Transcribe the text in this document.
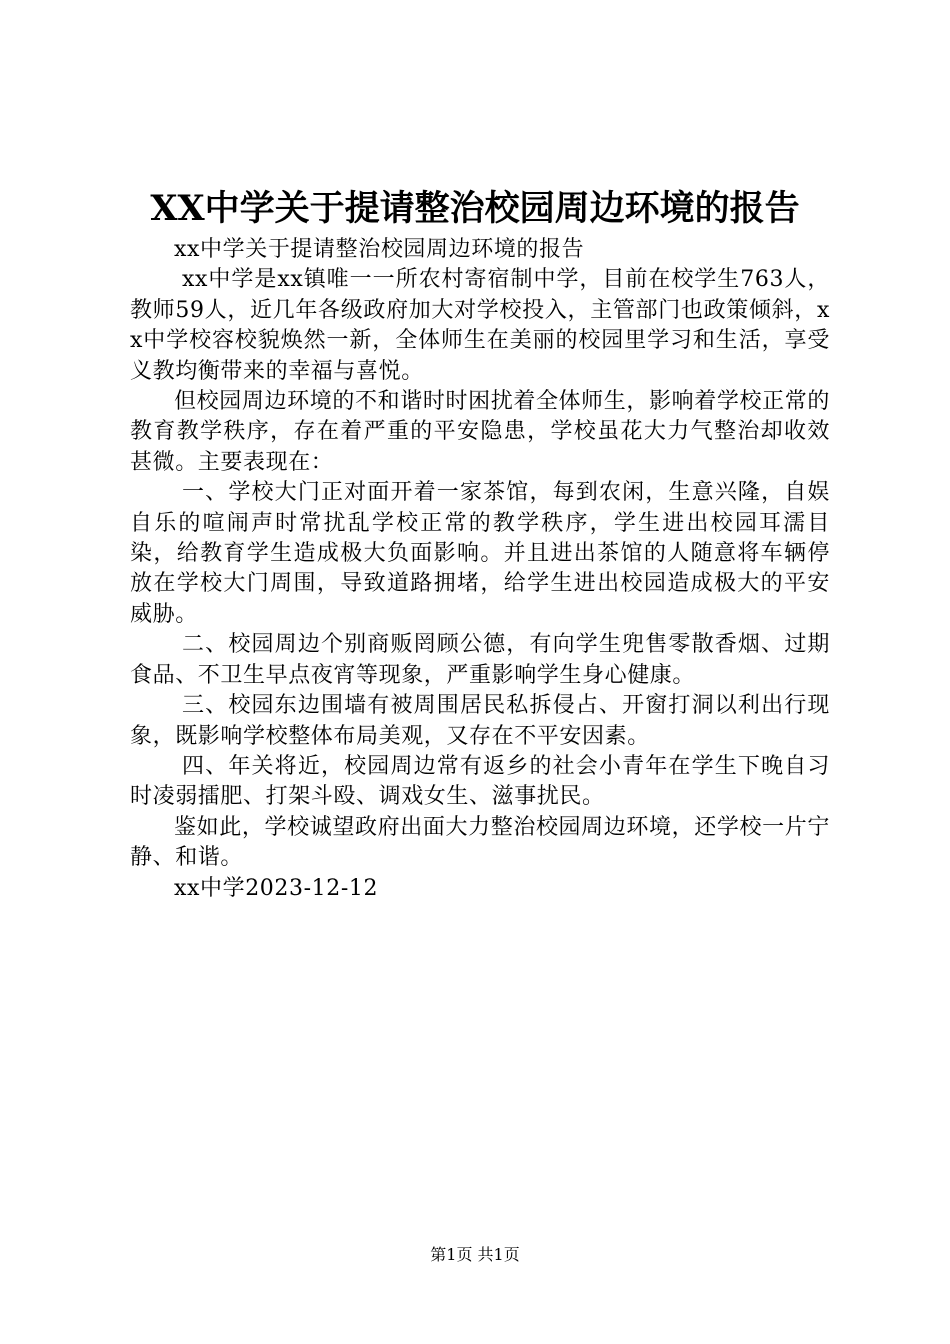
XX中学关于提请整治校园周边环境的报告

xx中学关于提请整治校园周边环境的报告

xx中学是xx镇唯一一所农村寄宿制中学，目前在校学生763人，教师59人，近几年各级政府加大对学校投入，主管部门也政策倾斜，xx中学校容校貌焕然一新，全体师生在美丽的校园里学习和生活，享受义教均衡带来的幸福与喜悦。

但校园周边环境的不和谐时时困扰着全体师生，影响着学校正常的教育教学秩序，存在着严重的平安隐患，学校虽花大力气整治却收效甚微。主要表现在：

一、学校大门正对面开着一家茶馆，每到农闲，生意兴隆，自娱自乐的喧闹声时常扰乱学校正常的教学秩序，学生进出校园耳濡目染，给教育学生造成极大负面影响。并且进出茶馆的人随意将车辆停放在学校大门周围，导致道路拥堵，给学生进出校园造成极大的平安威胁。

二、校园周边个别商贩罔顾公德，有向学生兜售零散香烟、过期食品、不卫生早点夜宵等现象，严重影响学生身心健康。

三、校园东边围墙有被周围居民私拆侵占、开窗打洞以利出行现象，既影响学校整体布局美观，又存在不平安因素。

四、年关将近，校园周边常有返乡的社会小青年在学生下晚自习时凌弱擂肥、打架斗殴、调戏女生、滋事扰民。

鉴如此，学校诚望政府出面大力整治校园周边环境，还学校一片宁静、和谐。

xx中学2023-12-12

第1页 共1页
